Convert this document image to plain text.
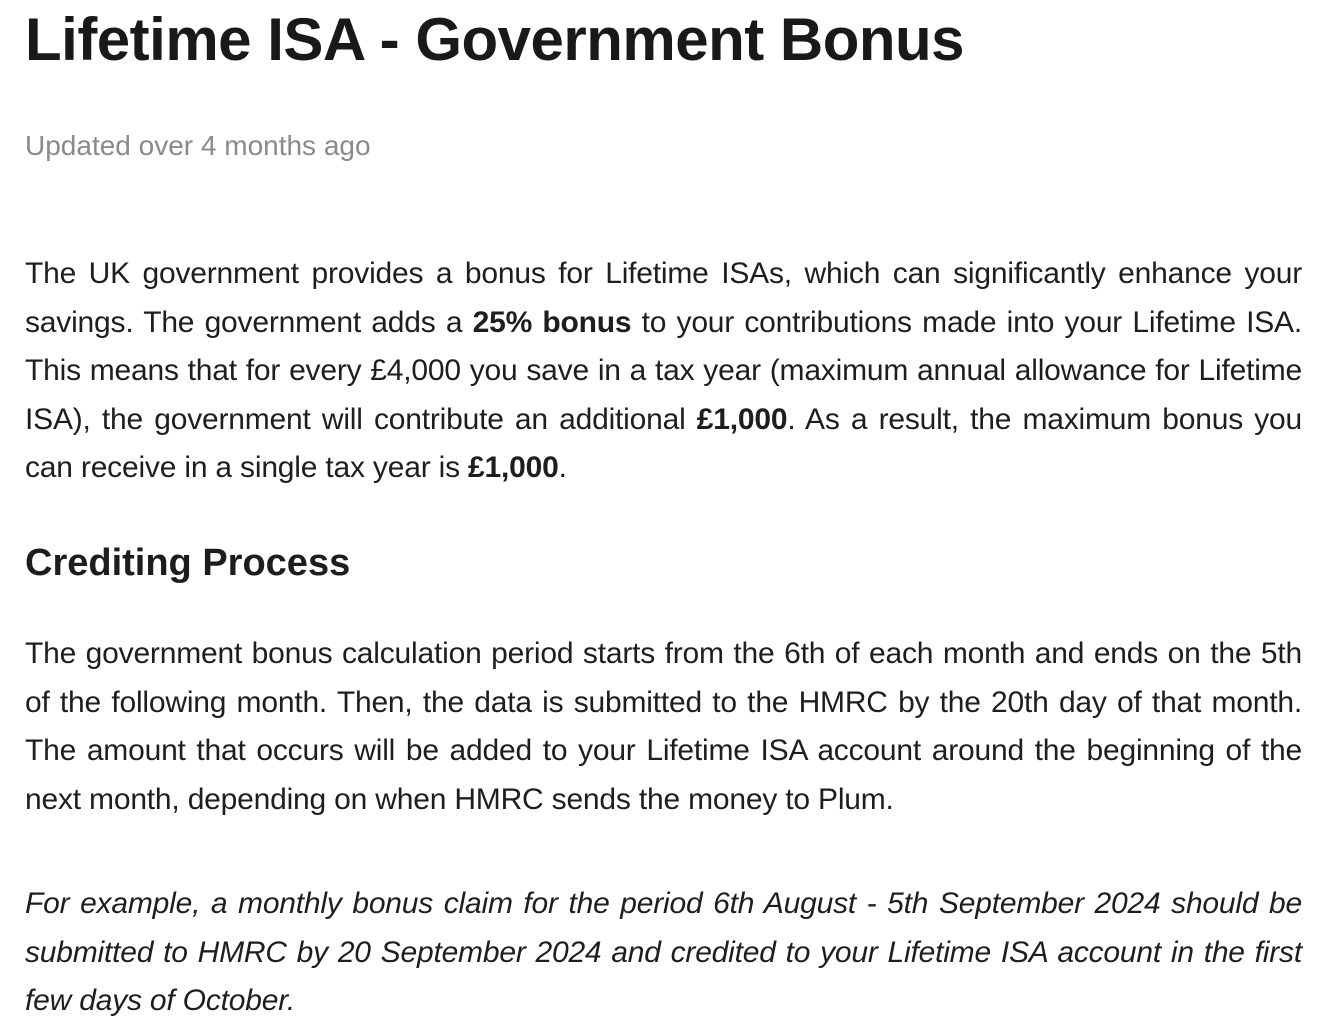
Lifetime ISA - Government Bonus

Updated over 4 months ago

The UK government provides a bonus for Lifetime ISAs, which can significantly enhance your savings. The government adds a 25% bonus to your contributions made into your Lifetime ISA. This means that for every £4,000 you save in a tax year (maximum annual allowance for Lifetime ISA), the government will contribute an additional £1,000. As a result, the maximum bonus you can receive in a single tax year is £1,000.

Crediting Process

The government bonus calculation period starts from the 6th of each month and ends on the 5th of the following month. Then, the data is submitted to the HMRC by the 20th day of that month. The amount that occurs will be added to your Lifetime ISA account around the beginning of the next month, depending on when HMRC sends the money to Plum.

For example, a monthly bonus claim for the period 6th August - 5th September 2024 should be submitted to HMRC by 20 September 2024 and credited to your Lifetime ISA account in the first few days of October.
